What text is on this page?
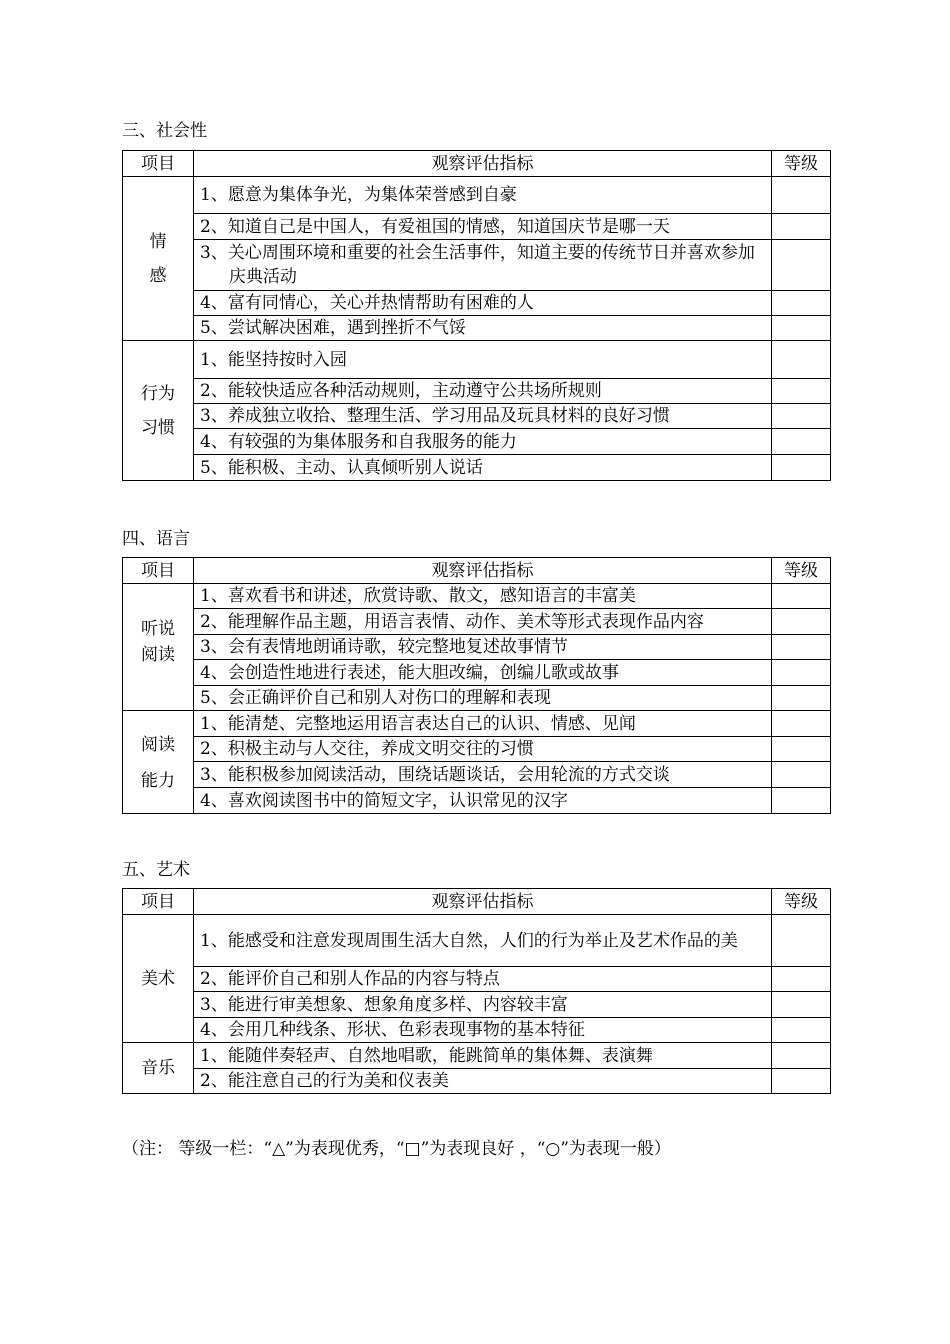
三、社会性
项目	观察评估指标	等级

情
感	1、愿意为集体争光，为集体荣誉感到自豪	
	2、知道自己是中国人，有爱祖国的情感，知道国庆节是哪一天	

	3、关心周围环境和重要的社会生活事件，知道主要的传统节日并喜欢参加庆典活动	

	4、富有同情心，关心并热情帮助有困难的人	
	5、尝试解决困难，遇到挫折不气馁	

行为
习惯	1、能坚持按时入园	
	2、能较快适应各种活动规则，主动遵守公共场所规则	
	3、养成独立收拾、整理生活、学习用品及玩具材料的良好习惯	
	4、有较强的为集体服务和自我服务的能力	
	5、能积极、主动、认真倾听别人说话	
四、语言
项目	观察评估指标	等级

听说
阅读	1、喜欢看书和讲述，欣赏诗歌、散文，感知语言的丰富美	
	2、能理解作品主题，用语言表情、动作、美术等形式表现作品内容	
	3、会有表情地朗诵诗歌，较完整地复述故事情节	
	4、会创造性地进行表述，能大胆改编，创编儿歌或故事	
	5、会正确评价自己和别人对伤口的理解和表现	

阅读
能力	1、能清楚、完整地运用语言表达自己的认识、情感、见闻	
	2、积极主动与人交往，养成文明交往的习惯	
	3、能积极参加阅读活动，围绕话题谈话，会用轮流的方式交谈	
	4、喜欢阅读图书中的简短文字，认识常见的汉字	
五、艺术
项目	观察评估指标	等级
美术	1、能感受和注意发现周围生活大自然，人们的行为举止及艺术作品的美	

	2、能评价自己和别人作品的内容与特点	
	3、能进行审美想象、想象角度多样、内容较丰富	
	4、会用几种线条、形状、色彩表现事物的基本特征	
音乐	1、能随伴奏轻声、自然地唱歌，能跳简单的集体舞、表演舞	
	2、能注意自己的行为美和仪表美	
（注： 等级一栏：“△”为表现优秀，“□”为表现良好 ，“○”为表现一般）
